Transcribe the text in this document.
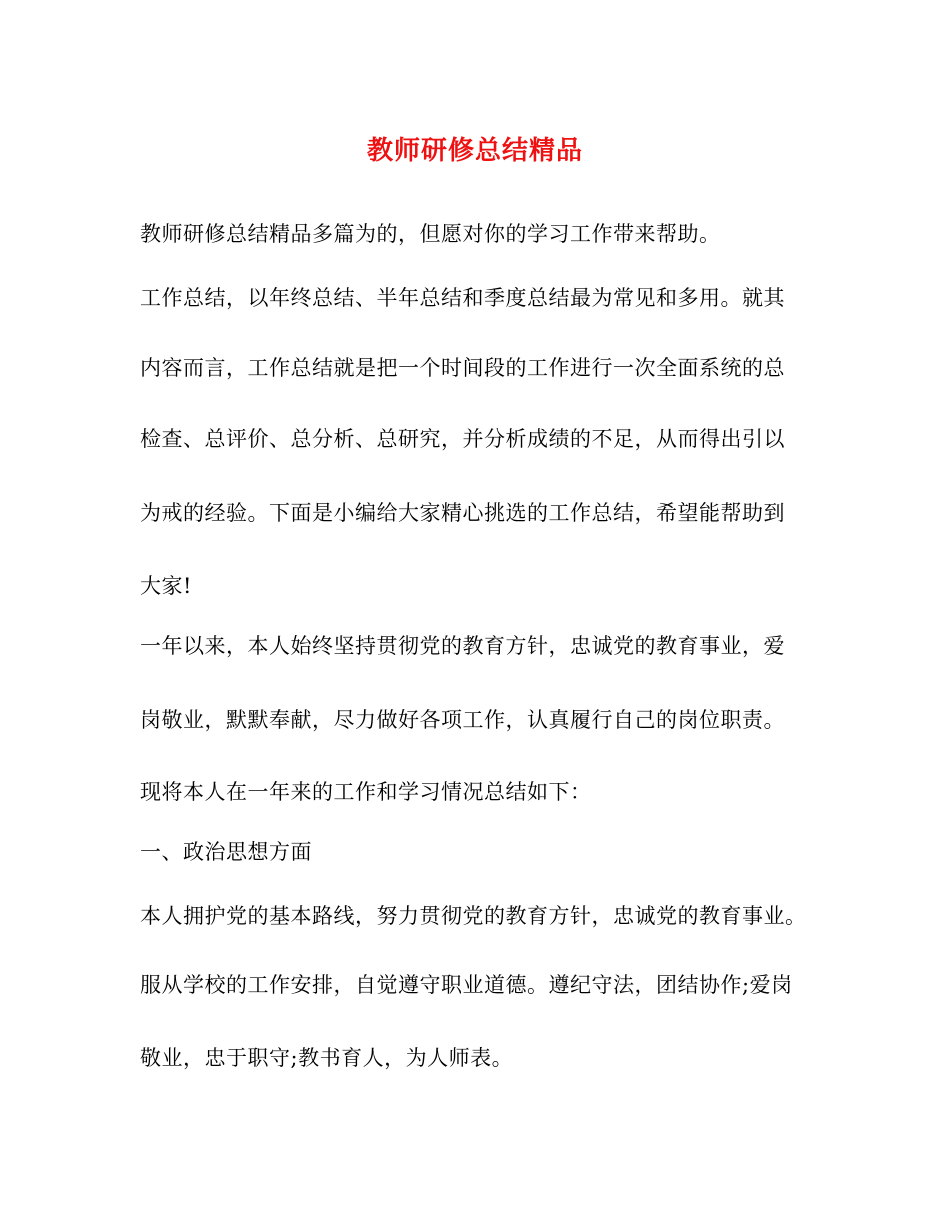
教师研修总结精品
教师研修总结精品多篇为的，但愿对你的学习工作带来帮助。
工作总结，以年终总结、半年总结和季度总结最为常见和多用。就其
内容而言，工作总结就是把一个时间段的工作进行一次全面系统的总
检查、总评价、总分析、总研究，并分析成绩的不足，从而得出引以
为戒的经验。下面是小编给大家精心挑选的工作总结，希望能帮助到
大家!
一年以来，本人始终坚持贯彻党的教育方针，忠诚党的教育事业，爱
岗敬业，默默奉献，尽力做好各项工作，认真履行自己的岗位职责。
现将本人在一年来的工作和学习情况总结如下：
一、政治思想方面
本人拥护党的基本路线，努力贯彻党的教育方针，忠诚党的教育事业。
服从学校的工作安排，自觉遵守职业道德。遵纪守法，团结协作;爱岗
敬业，忠于职守;教书育人，为人师表。
